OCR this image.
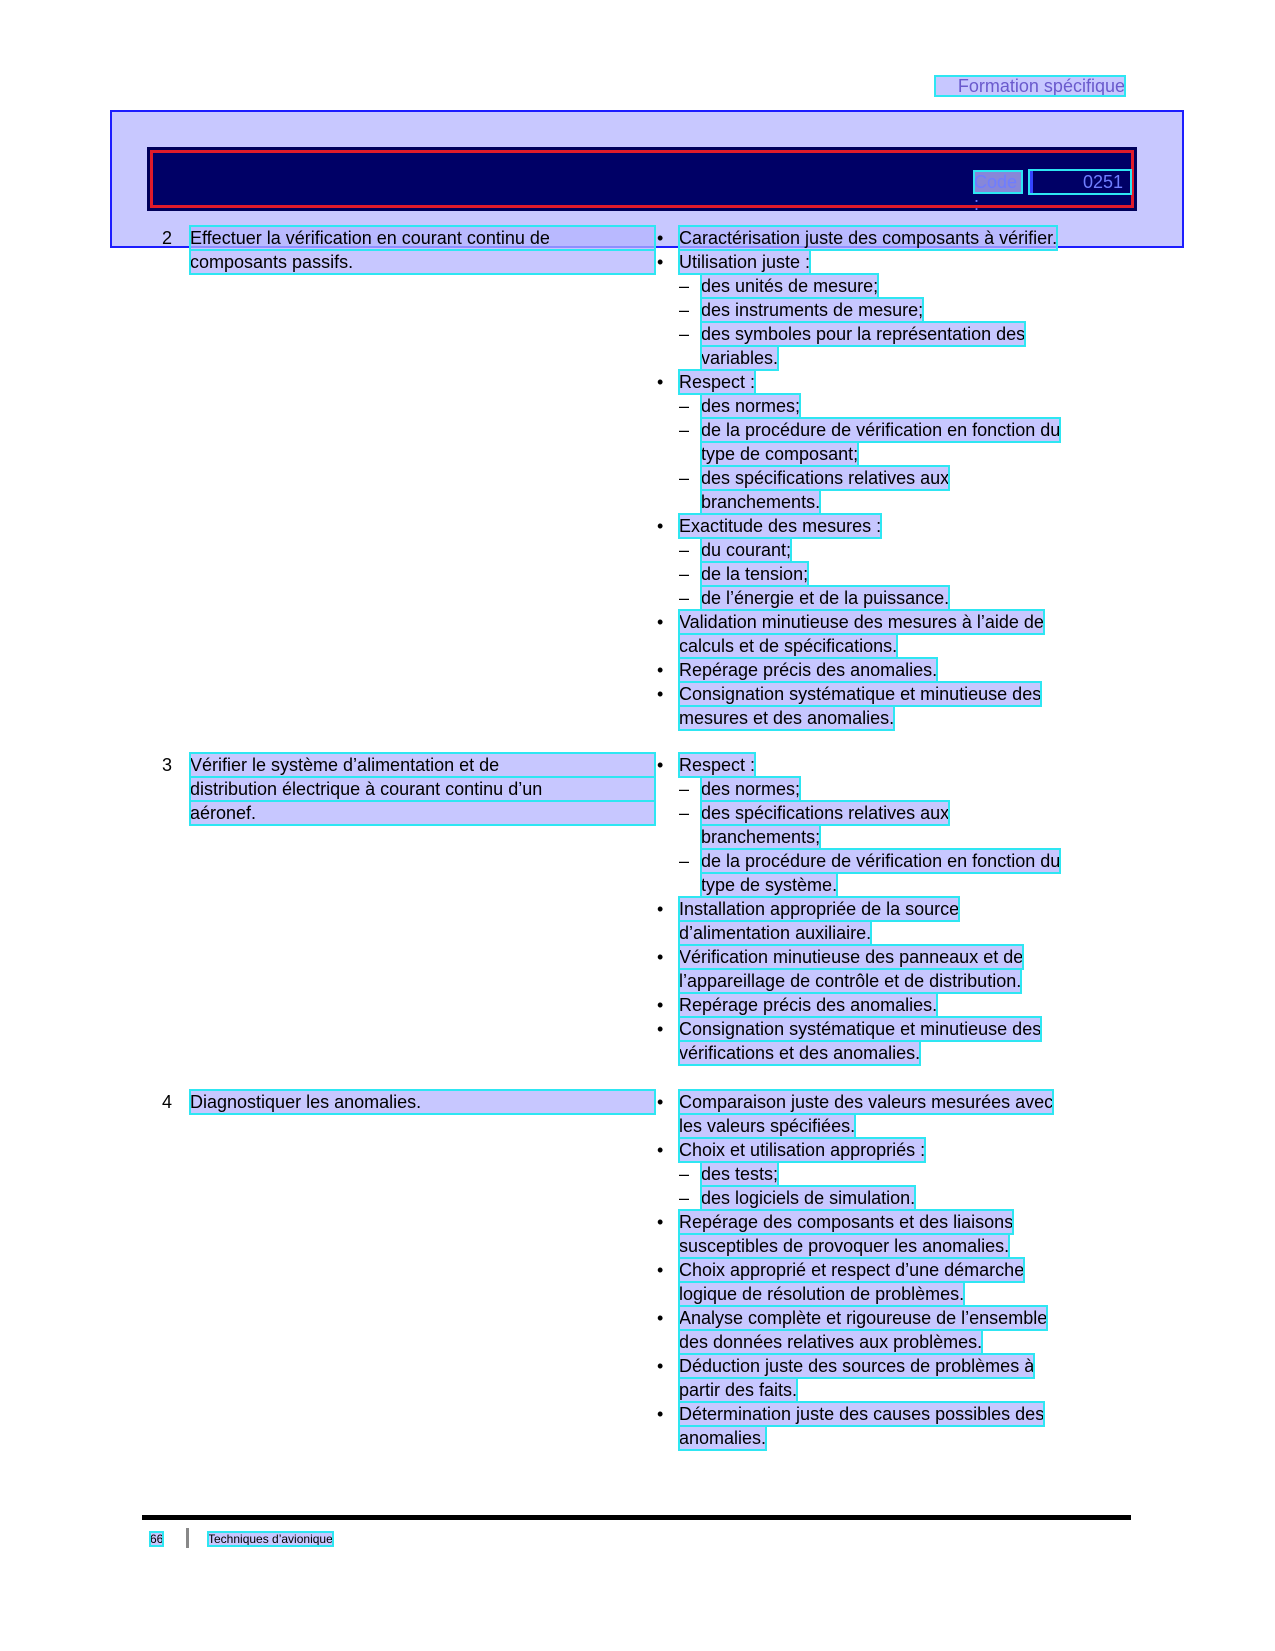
Formation spécifique
Code :
0251
2 Effectuer la vérification en courant continu de
composants passifs.
• Caractérisation juste des composants à vérifier.
• Utilisation juste :
– des unités de mesure;
– des instruments de mesure;
– des symboles pour la représentation des
variables.
• Respect :
– des normes;
– de la procédure de vérification en fonction du
type de composant;
– des spécifications relatives aux
branchements.
• Exactitude des mesures :
– du courant;
– de la tension;
– de l’énergie et de la puissance.
• Validation minutieuse des mesures à l’aide de
calculs et de spécifications.
• Repérage précis des anomalies.
• Consignation systématique et minutieuse des
mesures et des anomalies.
3 Vérifier le système d’alimentation et de
distribution électrique à courant continu d’un
aéronef.
• Respect :
– des normes;
– des spécifications relatives aux
branchements;
– de la procédure de vérification en fonction du
type de système.
• Installation appropriée de la source
d’alimentation auxiliaire.
• Vérification minutieuse des panneaux et de
l’appareillage de contrôle et de distribution.
• Repérage précis des anomalies.
• Consignation systématique et minutieuse des
vérifications et des anomalies.
4 Diagnostiquer les anomalies.	• Comparaison juste des valeurs mesurées avec
les valeurs spécifiées.
• Choix et utilisation appropriés :
– des tests;
– des logiciels de simulation.
• Repérage des composants et des liaisons
susceptibles de provoquer les anomalies.
• Choix approprié et respect d’une démarche
logique de résolution de problèmes.
• Analyse complète et rigoureuse de l’ensemble
des données relatives aux problèmes.
• Déduction juste des sources de problèmes à
partir des faits.
• Détermination juste des causes possibles des
anomalies.
66	Techniques d’avionique
